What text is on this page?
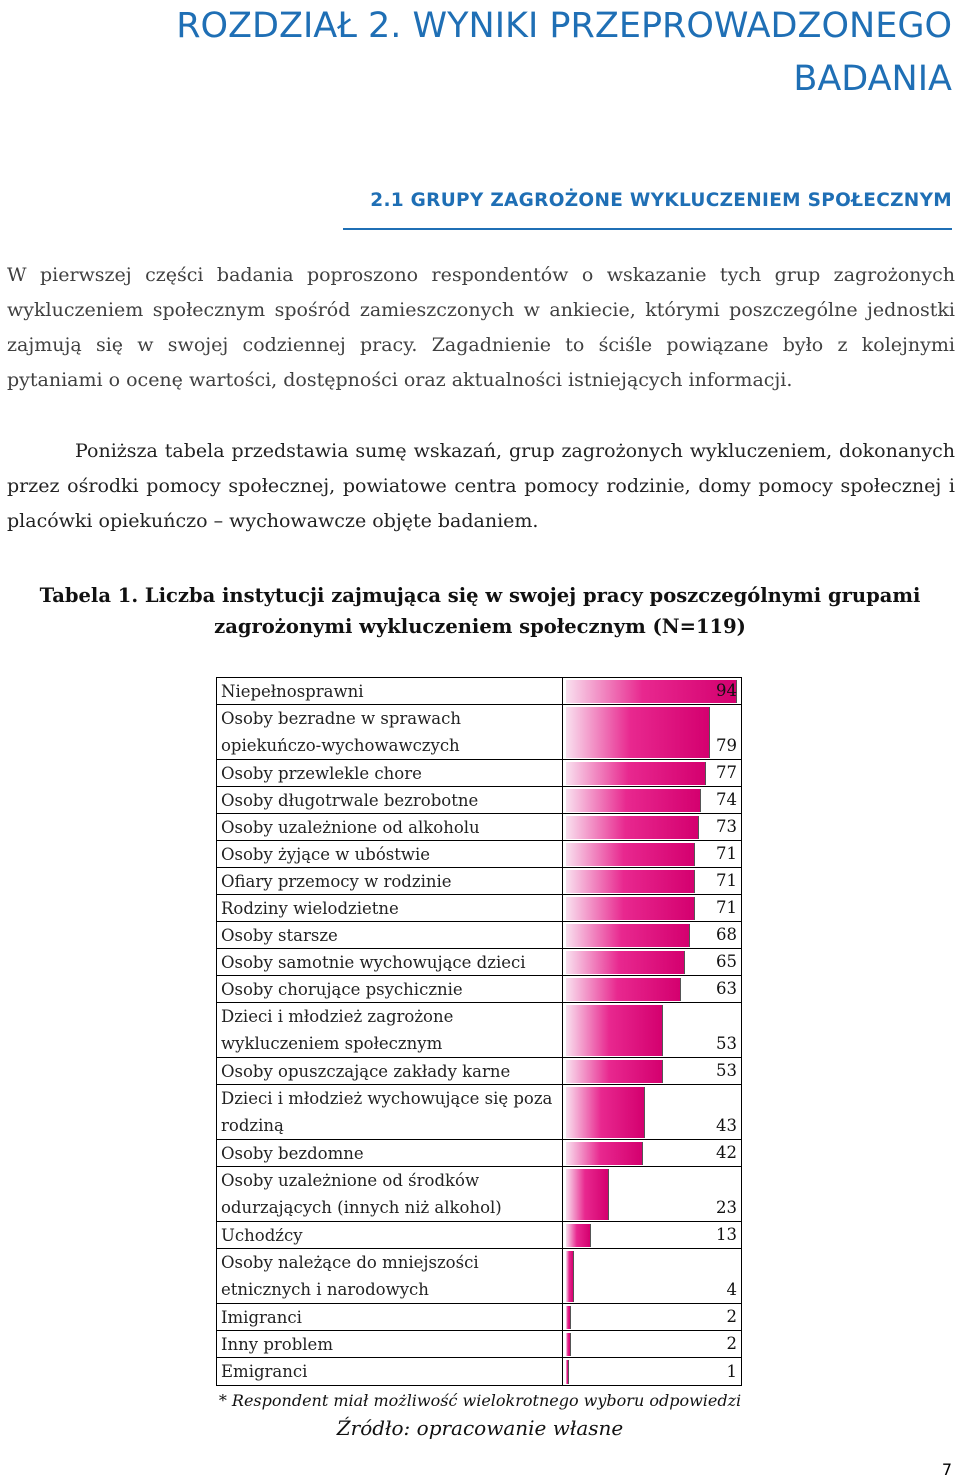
ROZDZIAŁ 2. WYNIKI PRZEPROWADZONEGO
BADANIA
2.1 GRUPY ZAGROŻONE WYKLUCZENIEM SPOŁECZNYM

W pierwszej części badania poproszono respondentów o wskazanie tych grup zagrożonych wykluczeniem społecznym spośród zamieszczonych w ankiecie, którymi poszczególne jednostki zajmują się w swojej codziennej pracy. Zagadnienie to ściśle powiązane było z kolejnymi pytaniami o ocenę wartości, dostępności oraz aktualności istniejących informacji.

Poniższa tabela przedstawia sumę wskazań, grup zagrożonych wykluczeniem, dokonanych przez ośrodki pomocy społecznej, powiatowe centra pomocy rodzinie, domy pomocy społecznej i placówki opiekuńczo – wychowawcze objęte badaniem.

Tabela 1. Liczba instytucji zajmująca się w swojej pracy poszczególnymi grupami
zagrożonymi wykluczeniem społecznym (N=119)

Niepełnosprawni	94
Osoby bezradne w sprawach opiekuńczo-wychowawczych	79
Osoby przewlekle chore	77
Osoby długotrwale bezrobotne	74
Osoby uzależnione od alkoholu	73
Osoby żyjące w ubóstwie	71
Ofiary przemocy w rodzinie	71
Rodziny wielodzietne	71
Osoby starsze	68
Osoby samotnie wychowujące dzieci	65
Osoby chorujące psychicznie	63
Dzieci i młodzież zagrożone wykluczeniem społecznym	53
Osoby opuszczające zakłady karne	53
Dzieci i młodzież wychowujące się poza rodziną	43
Osoby bezdomne	42
Osoby uzależnione od środków odurzających (innych niż alkohol)	23
Uchodźcy	13
Osoby należące do mniejszości etnicznych i narodowych	4
Imigranci	2
Inny problem	2
Emigranci	1

* Respondent miał możliwość wielokrotnego wyboru odpowiedzi

Źródło: opracowanie własne

7
